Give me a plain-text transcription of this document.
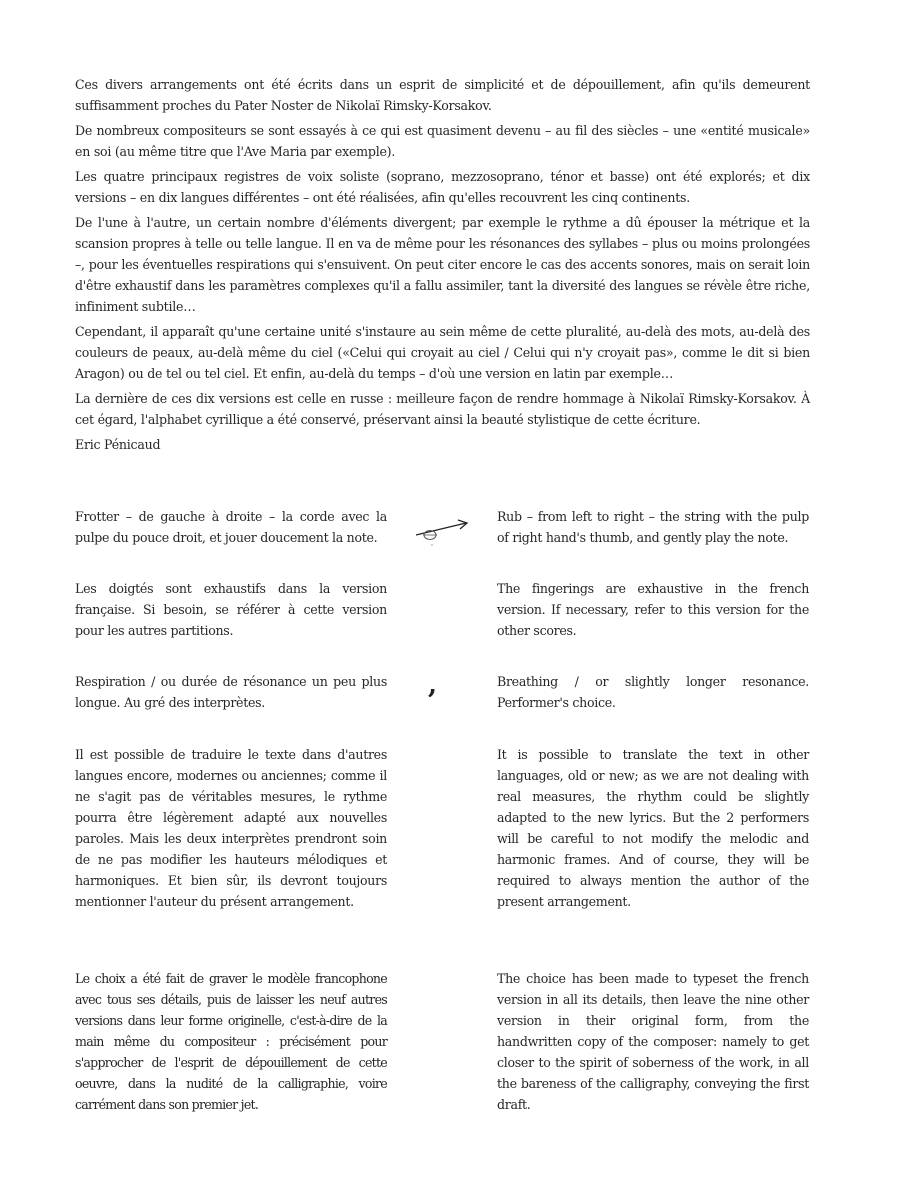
Ces divers arrangements ont été écrits dans un esprit de simplicité et de dépouillement, afin qu'ils demeurent suffisamment proches du Pater Noster de Nikolaï Rimsky-Korsakov.

De nombreux compositeurs se sont essayés à ce qui est quasiment devenu – au fil des siècles – une «entité musicale» en soi (au même titre que l'Ave Maria par exemple).

Les quatre principaux registres de voix soliste (soprano, mezzosoprano, ténor et basse) ont été explorés; et dix versions – en dix langues différentes – ont été réalisées, afin qu'elles recouvrent les cinq continents.

De l'une à l'autre, un certain nombre d'éléments divergent; par exemple le rythme a dû épouser la métrique et la scansion propres à telle ou telle langue. Il en va de même pour les résonances des syllabes – plus ou moins prolongées –, pour les éventuelles respirations qui s'ensuivent. On peut citer encore le cas des accents sonores, mais on serait loin d'être exhaustif dans les paramètres complexes qu'il a fallu assimiler, tant la diversité des langues se révèle être riche, infiniment subtile…

Cependant, il apparaît qu'une certaine unité s'instaure au sein même de cette pluralité, au-delà des mots, au-delà des couleurs de peaux, au-delà même du ciel («Celui qui croyait au ciel / Celui qui n'y croyait pas», comme le dit si bien Aragon) ou de tel ou tel ciel. Et enfin, au-delà du temps – d'où une version en latin par exemple…

La dernière de ces dix versions est celle en russe : meilleure façon de rendre hommage à Nikolaï Rimsky-Korsakov. À cet égard, l'alphabet cyrillique a été conservé, préservant ainsi la beauté stylistique de cette écriture.

Eric Pénicaud

Frotter – de gauche à droite – la corde avec la pulpe du pouce droit, et jouer doucement la note.

Rub – from left to right – the string with the pulp of right hand's thumb, and gently play the note.

Les doigtés sont exhaustifs dans la version française. Si besoin, se référer à cette version pour les autres partitions.

The fingerings are exhaustive in the french version. If necessary, refer to this version for the other scores.

Respiration / ou durée de résonance un peu plus longue. Au gré des interprètes.

,	Breathing / or slightly longer resonance. Performer's choice.

Il est possible de traduire le texte dans d'autres langues encore, modernes ou anciennes; comme il ne s'agit pas de véritables mesures, le rythme pourra être légèrement adapté aux nouvelles paroles. Mais les deux interprètes prendront soin de ne pas modifier les hauteurs mélodiques et harmoniques. Et bien sûr, ils devront toujours mentionner l'auteur du présent arrangement.

It is possible to translate the text in other languages, old or new; as we are not dealing with real measures, the rhythm could be slightly adapted to the new lyrics. But the 2 performers will be careful to not modify the melodic and harmonic frames. And of course, they will be required to always mention the author of the present arrangement.

Le choix a été fait de graver le modèle francophone avec tous ses détails, puis de laisser les neuf autres versions dans leur forme originelle, c'est-à-dire de la main même du compositeur : précisément pour s'approcher de l'esprit de dépouillement de cette oeuvre, dans la nudité de la calligraphie, voire carrément dans son premier jet.

The choice has been made to typeset the french version in all its details, then leave the nine other version in their original form, from the handwritten copy of the composer: namely to get closer to the spirit of soberness of the work, in all the bareness of the calligraphy, conveying the first draft.
